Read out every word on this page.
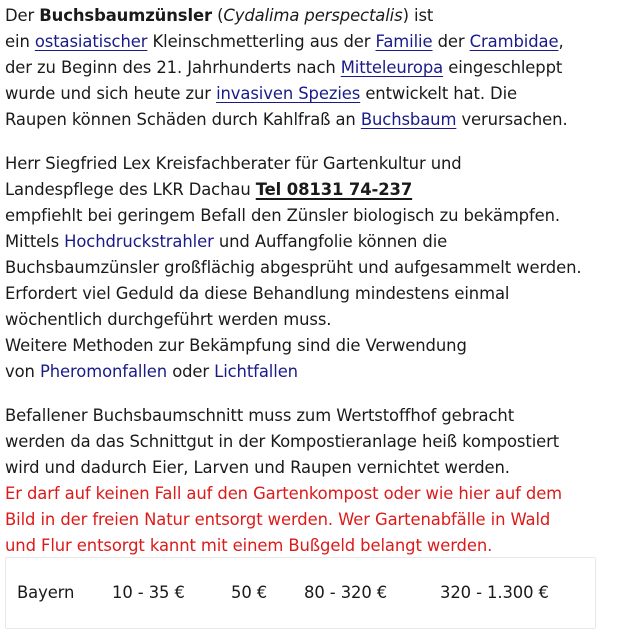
Der Buchsbaumzünsler (Cydalima perspectalis) ist
ein ostasiatischer Kleinschmetterling aus der Familie der Crambidae,
der zu Beginn des 21. Jahrhunderts nach Mitteleuropa eingeschleppt
wurde und sich heute zur invasiven Spezies entwickelt hat. Die
Raupen können Schäden durch Kahlfraß an Buchsbaum verursachen.

Herr Siegfried Lex Kreisfachberater für Gartenkultur und
Landespflege des LKR Dachau Tel 08131 74-237
empfiehlt bei geringem Befall den Zünsler biologisch zu bekämpfen.
Mittels Hochdruckstrahler und Auffangfolie können die
Buchsbaumzünsler großflächig abgesprüht und aufgesammelt werden.
Erfordert viel Geduld da diese Behandlung mindestens einmal
wöchentlich durchgeführt werden muss.
Weitere Methoden zur Bekämpfung sind die Verwendung
von Pheromonfallen oder Lichtfallen

Befallener Buchsbaumschnitt muss zum Wertstoffhof gebracht
werden da das Schnittgut in der Kompostieranlage heiß kompostiert
wird und dadurch Eier, Larven und Raupen vernichtet werden.
Er darf auf keinen Fall auf den Gartenkompost oder wie hier auf dem
Bild in der freien Natur entsorgt werden. Wer Gartenabfälle in Wald
und Flur entsorgt kannt mit einem Bußgeld belangt werden.

Bayern 10 - 35 €	50 € 80 - 320 €	320 - 1.300 €
